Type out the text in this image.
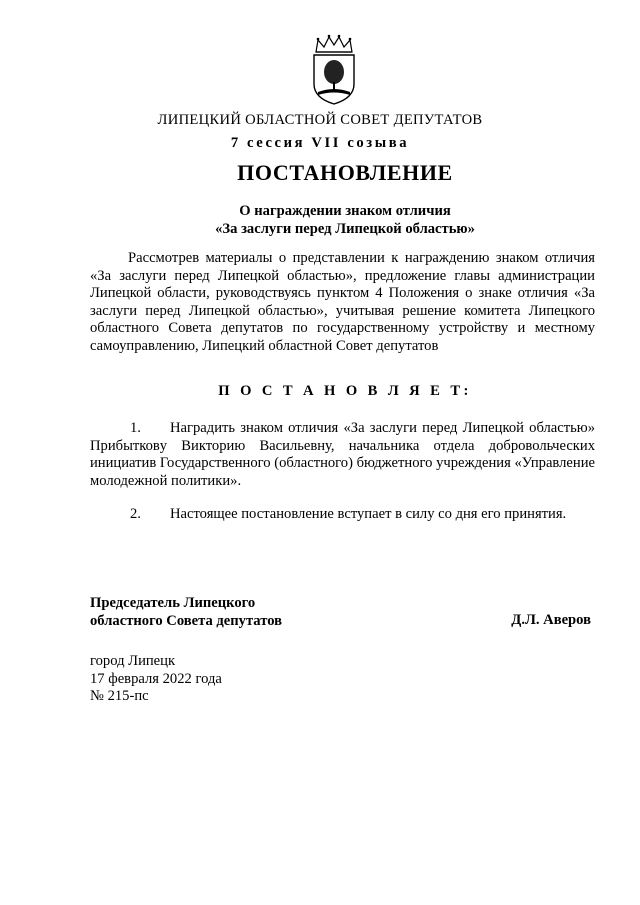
ЛИПЕЦКИЙ ОБЛАСТНОЙ СОВЕТ ДЕПУТАТОВ
7 сессия VII созыва
ПОСТАНОВЛЕНИЕ
О награждении знаком отличия
«За заслуги перед Липецкой областью»
Рассмотрев материалы о представлении к награждению знаком отличия «За заслуги перед Липецкой областью», предложение главы администрации Липецкой области, руководствуясь пунктом 4 Положения о знаке отличия «За заслуги перед Липецкой областью», учитывая решение комитета Липецкого областного Совета депутатов по государственному устройству и местному самоуправлению, Липецкий областной Совет депутатов
П О С Т А Н О В Л Я Е Т:
1.	Наградить знаком отличия «За заслуги перед Липецкой областью» Прибытковy Викторию Васильевну, начальника отдела добровольческих инициатив Государственного (областного) бюджетного учреждения «Управление молодежной политики».
2.	Настоящее постановление вступает в силу со дня его принятия.
Председатель Липецкого
областного Совета депутатов	Д.Л. Аверов
город Липецк
17 февраля 2022 года
№ 215-пс
